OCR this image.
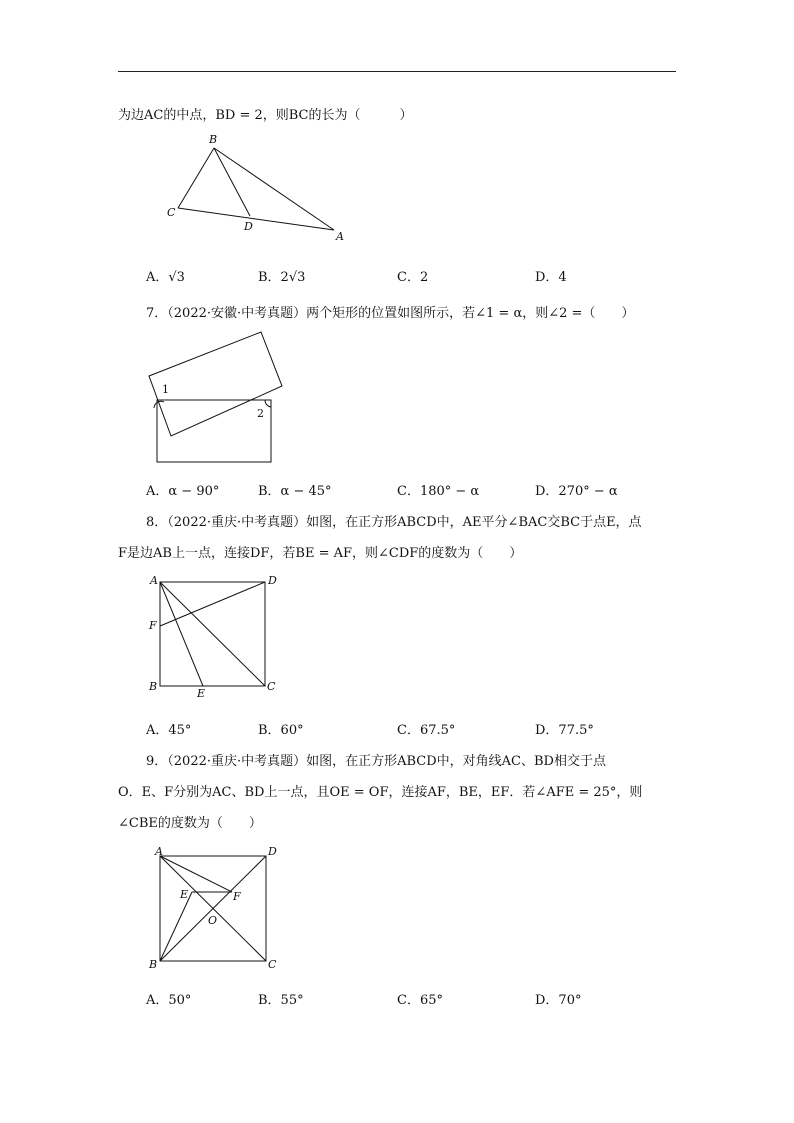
为边AC的中点，BD = 2，则BC的长为（　　　）
B
C
D
A
A．√3	B．2√3	C．2	D．4
7．（2022·安徽·中考真题）两个矩形的位置如图所示，若∠1 = α，则∠2 =（　　）
1
2
A．α − 90°	B．α − 45°	C．180° − α	D．270° − α
8．（2022·重庆·中考真题）如图，在正方形ABCD中，AE平分∠BAC交BC于点E，点
F是边AB上一点，连接DF，若BE = AF，则∠CDF的度数为（　　）
A	D
F
B
E
C
A．45°	B．60°	C．67.5°	D．77.5°
9．（2022·重庆·中考真题）如图，在正方形ABCD中，对角线AC、BD相交于点
O．E、F分别为AC、BD上一点，且OE = OF，连接AF，BE，EF．若∠AFE = 25°，则
∠CBE的度数为（　　）
A	D
E	F
O
B	C
A．50°	B．55°	C．65°	D．70°
